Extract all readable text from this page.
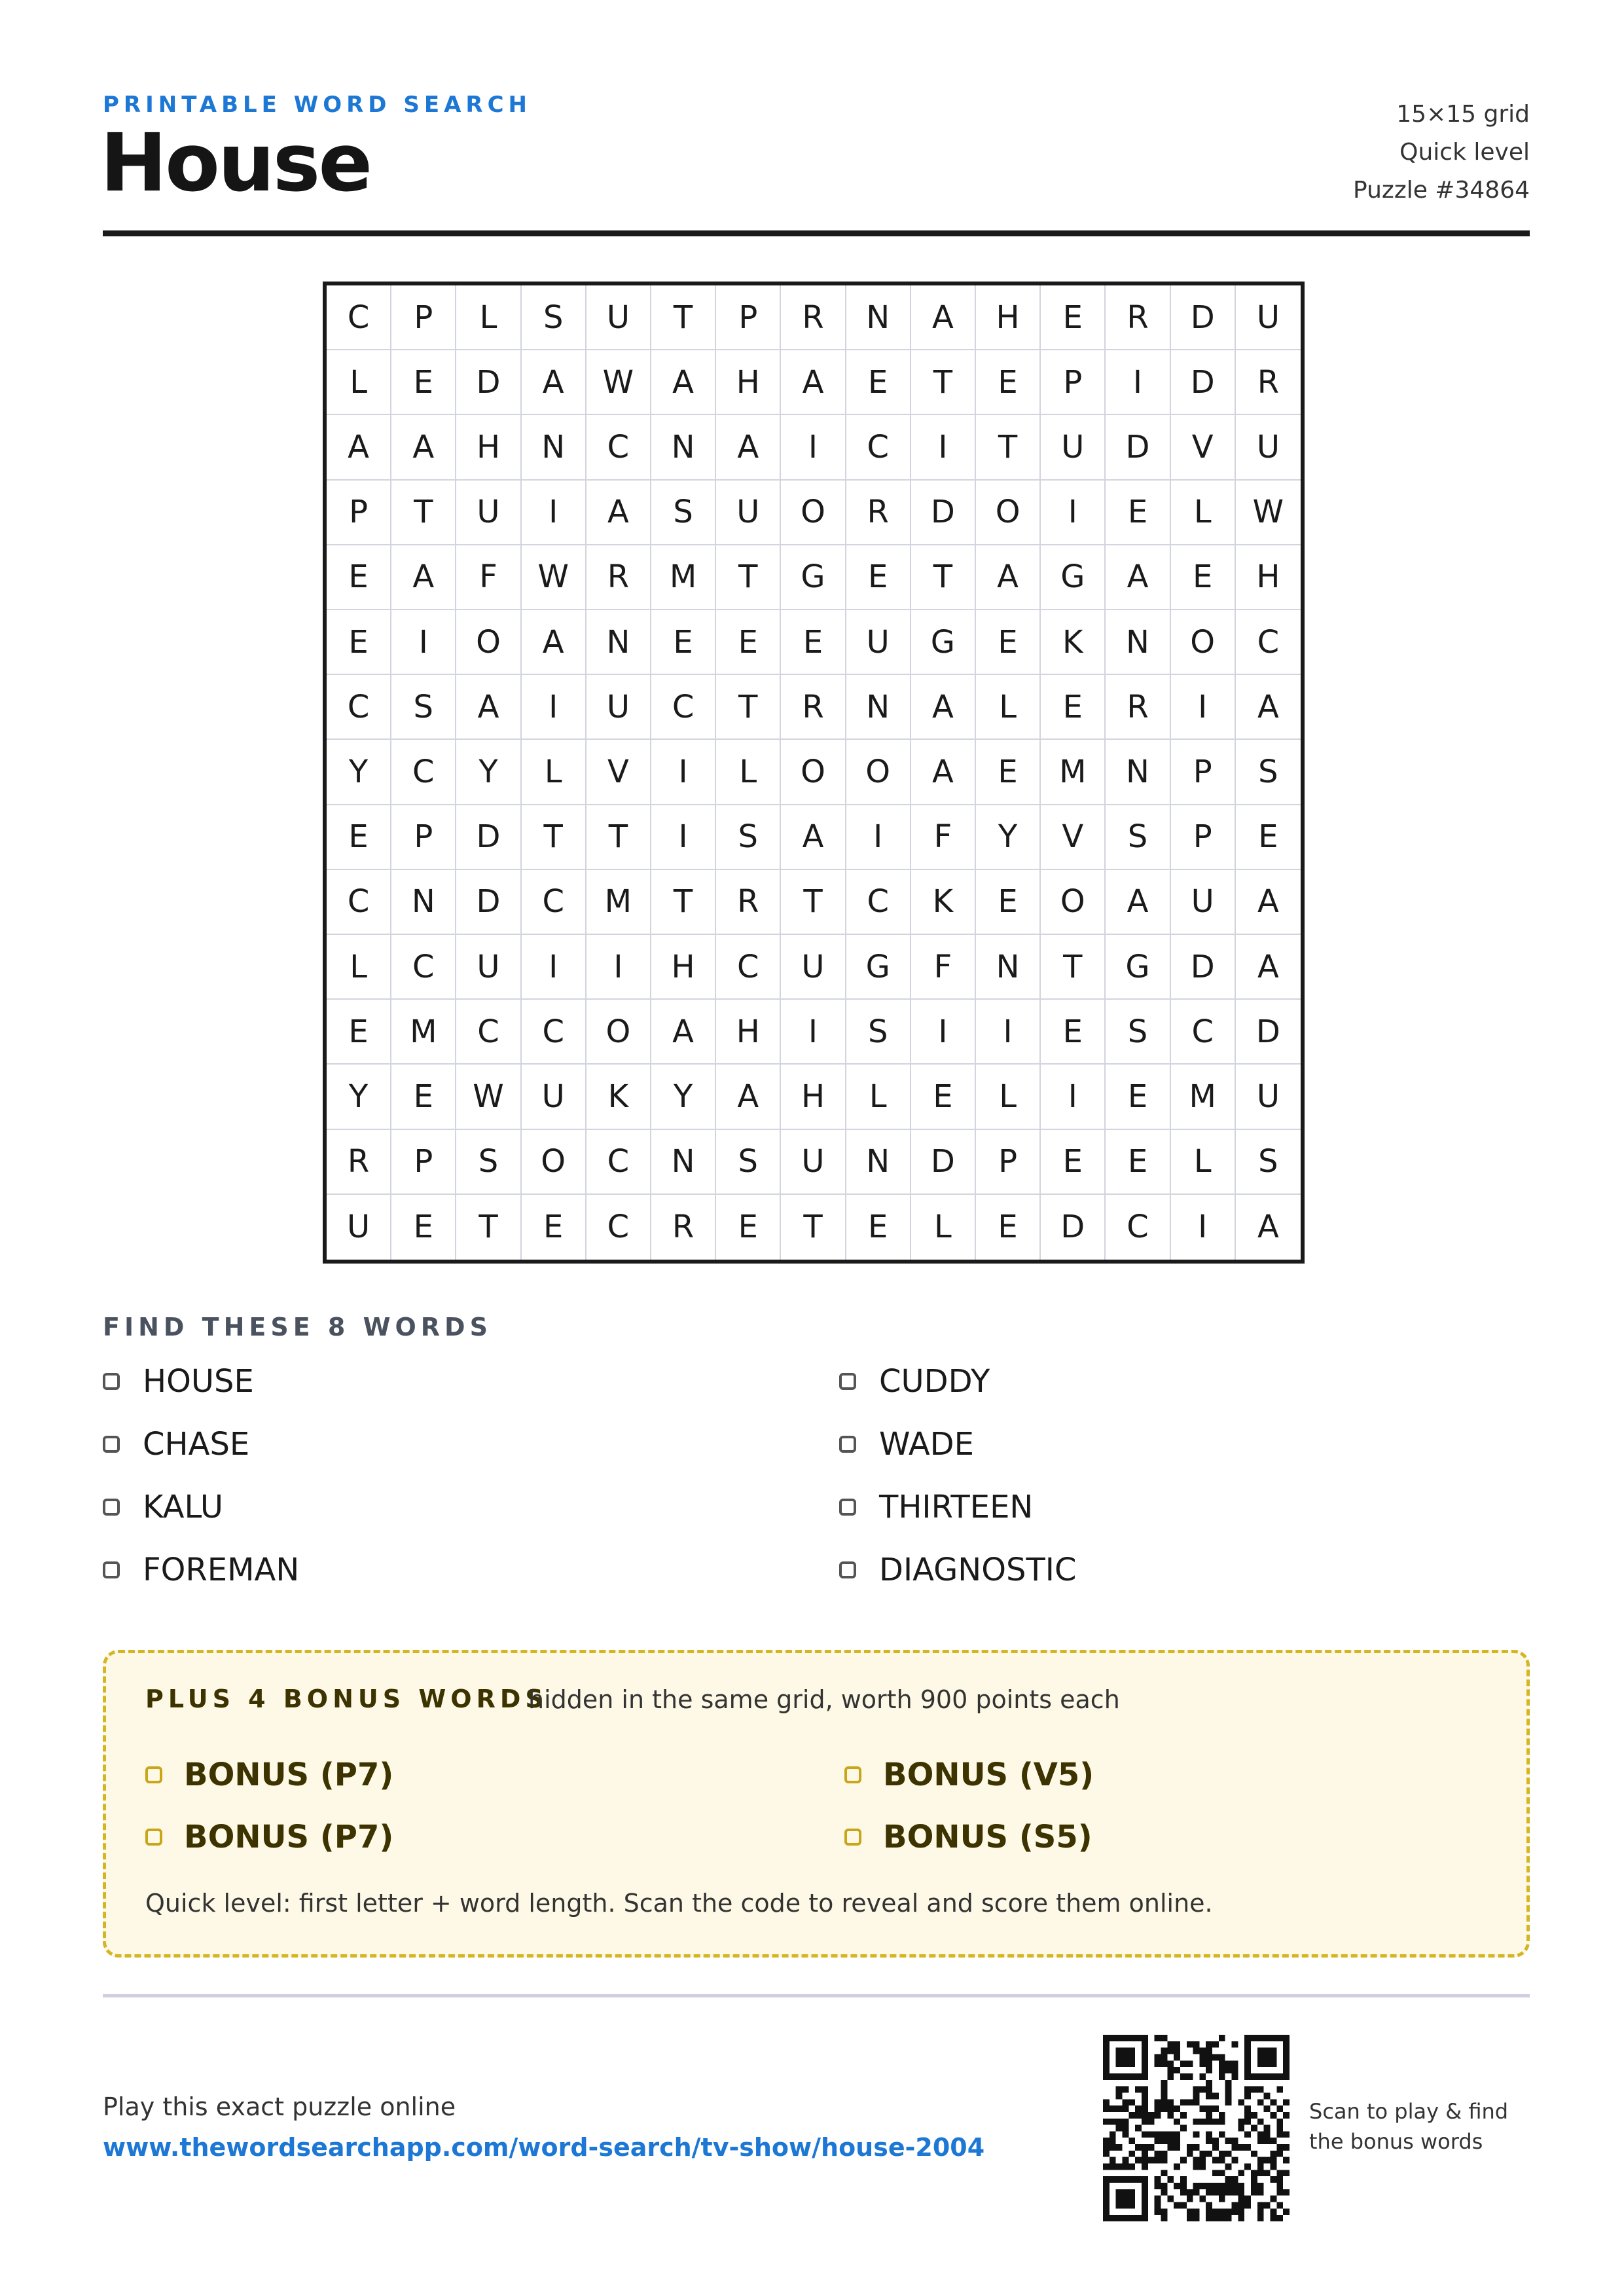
PRINTABLE WORD SEARCH
House
15×15 grid
Quick level
Puzzle #34864
C	P	L	S	U	T	P	R	N	A	H	E	R	D	U
L	E	D	A	W	A	H	A	E	T	E	P	I	D	R
A	A	H	N	C	N	A	I	C	I	T	U	D	V	U
P	T	U	I	A	S	U	O	R	D	O	I	E	L	W
E	A	F	W	R	M	T	G	E	T	A	G	A	E	H
E	I	O	A	N	E	E	E	U	G	E	K	N	O	C
C	S	A	I	U	C	T	R	N	A	L	E	R	I	A
Y	C	Y	L	V	I	L	O	O	A	E	M	N	P	S
E	P	D	T	T	I	S	A	I	F	Y	V	S	P	E
C	N	D	C	M	T	R	T	C	K	E	O	A	U	A
L	C	U	I	I	H	C	U	G	F	N	T	G	D	A
E	M	C	C	O	A	H	I	S	I	I	E	S	C	D
Y	E	W	U	K	Y	A	H	L	E	L	I	E	M	U
R	P	S	O	C	N	S	U	N	D	P	E	E	L	S
U	E	T	E	C	R	E	T	E	L	E	D	C	I	A
FIND THESE 8 WORDS
HOUSE	CUDDY
CHASE	WADE
KALU	THIRTEEN
FOREMAN	DIAGNOSTIC
PLUS 4 BONUS WORDS
hidden in the same grid, worth 900 points each
BONUS (P7)	BONUS (V5)
BONUS (P7)	BONUS (S5)
Quick level: first letter + word length. Scan the code to reveal and score them online.
Play this exact puzzle online
www.thewordsearchapp.com/word-search/tv-show/house-2004
Scan to play & find
the bonus words
